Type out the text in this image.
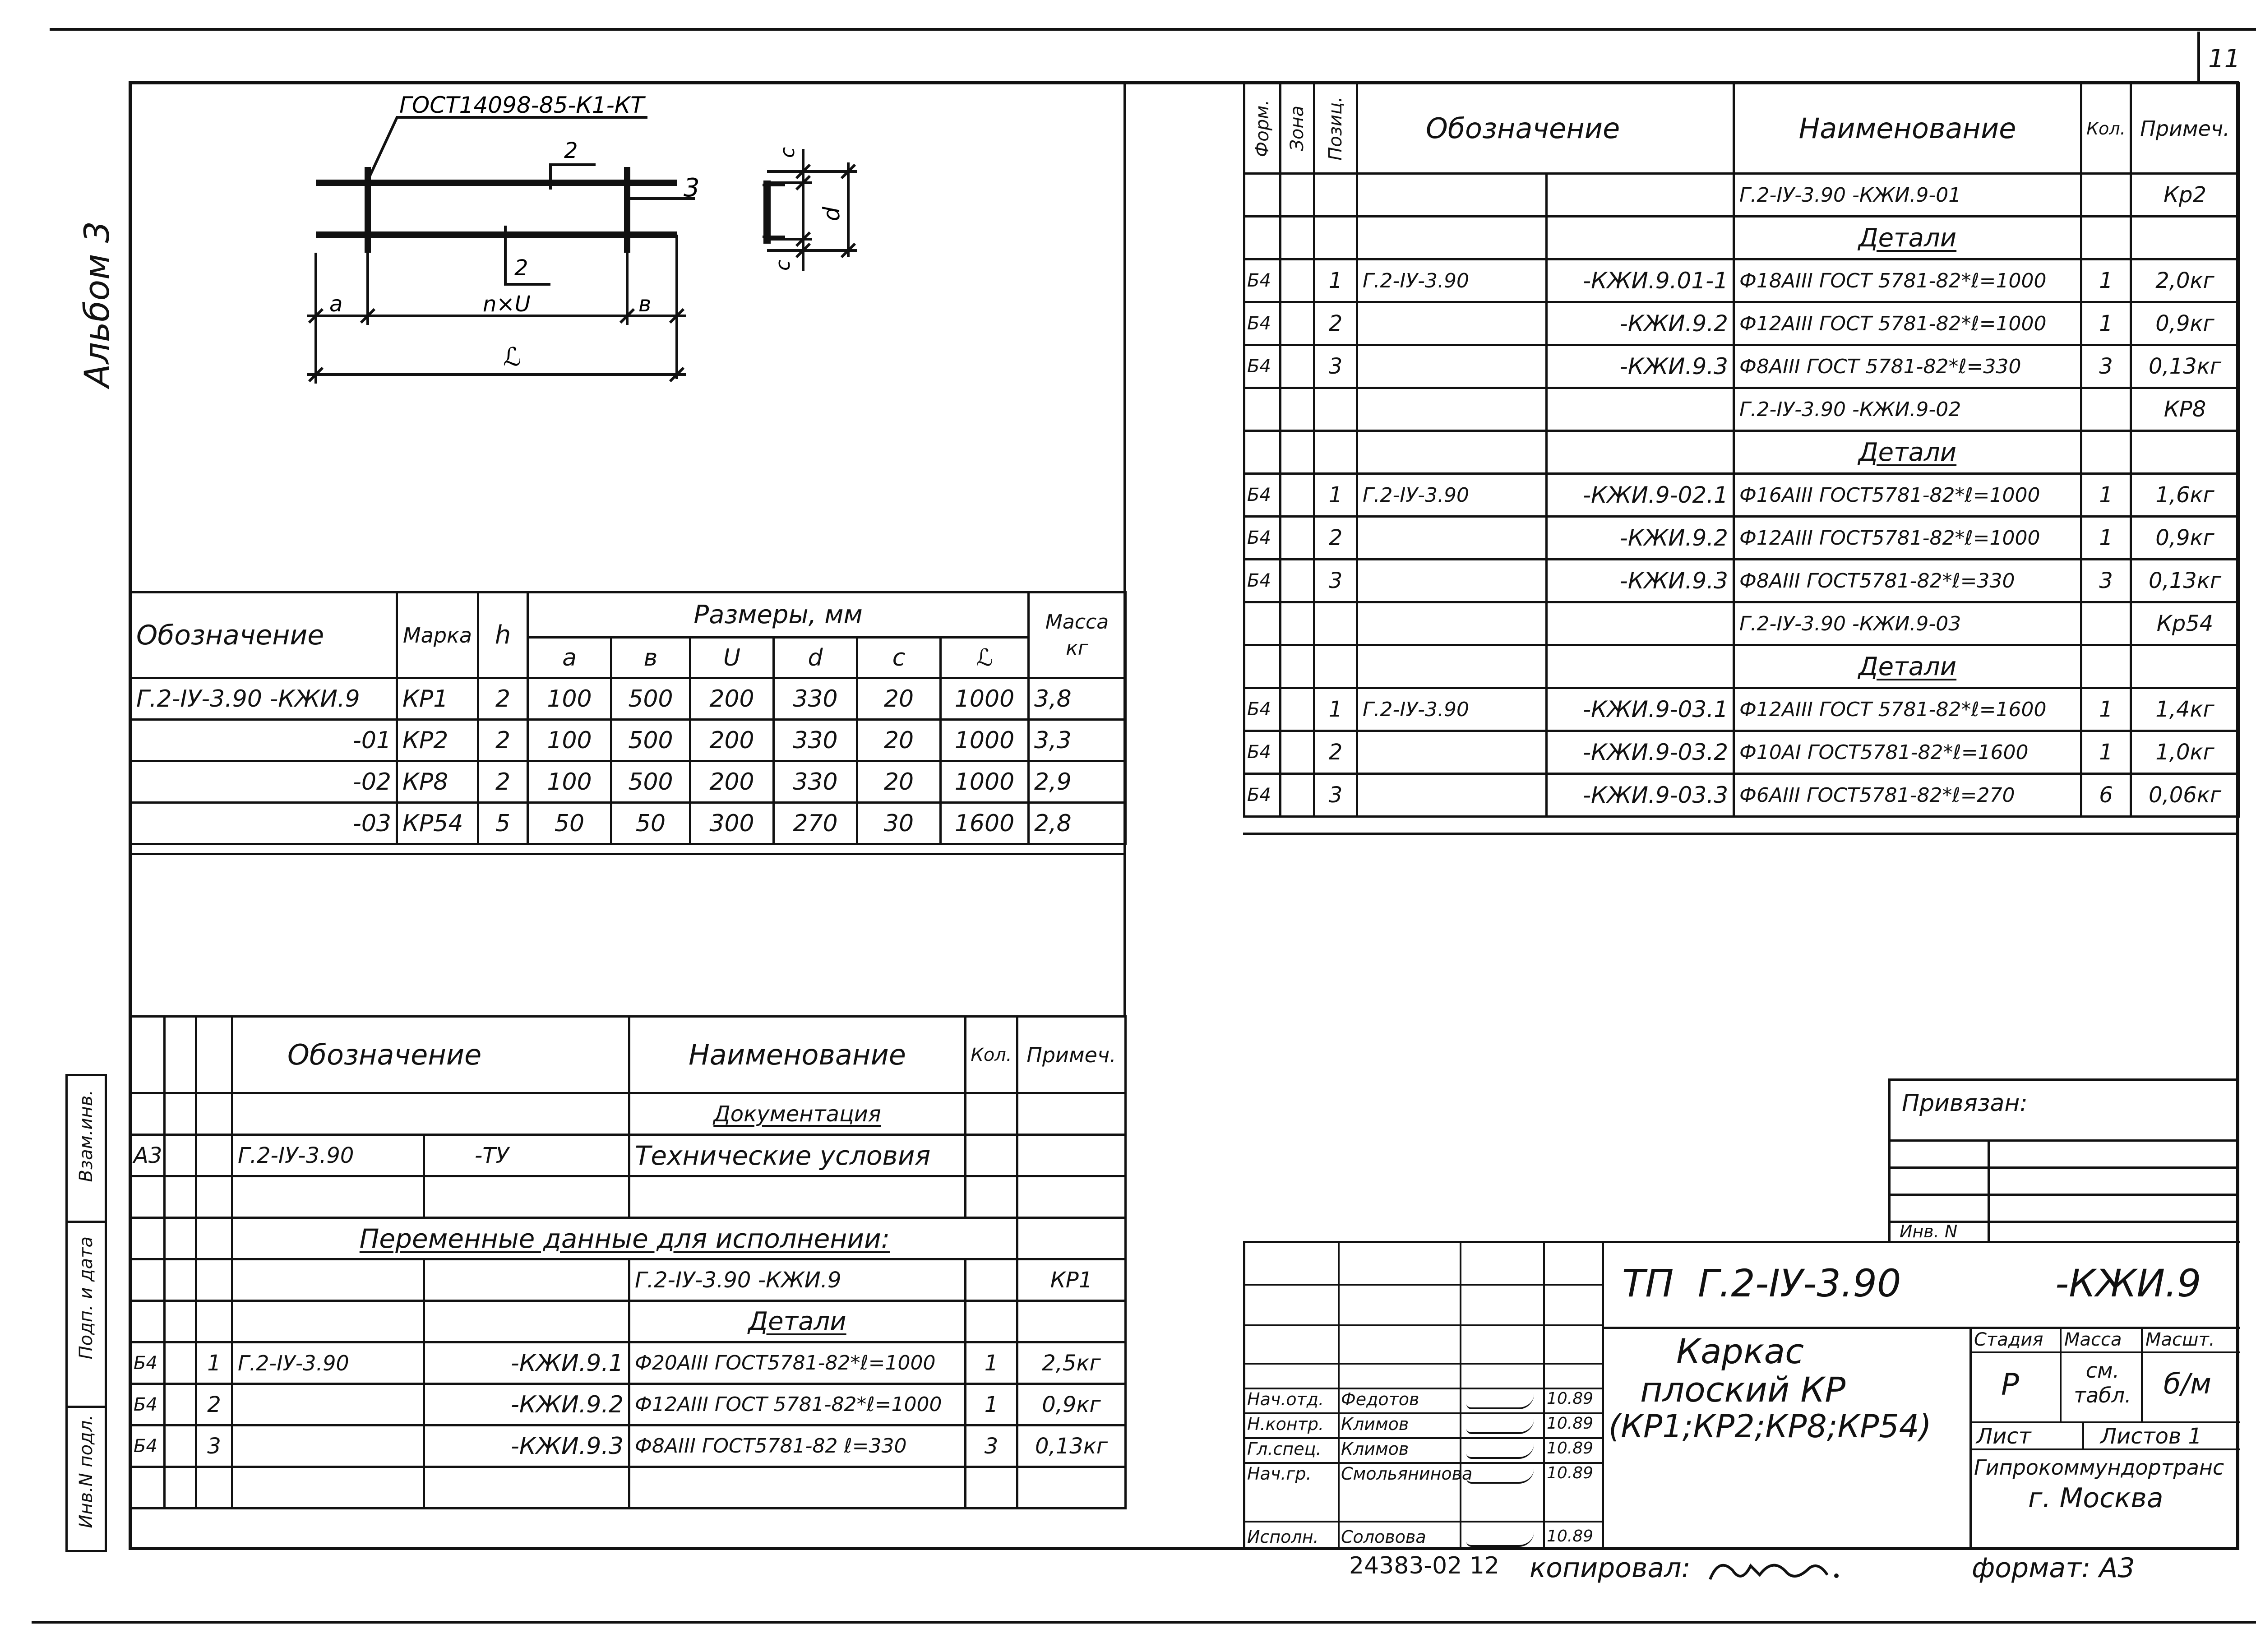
11
Альбом 3
Инв.N подл.
Подп. и дата
Взам.инв.
ГОСТ14098-85-К1-КТ
2
2
3
а	n×U	в
ℒ
с
d
с
Обозначение	Марка	h	Размеры, мм						Масса кг
			а	в	U	d	с	ℒ	
Г.2-IУ-3.90 -КЖИ.9	КР1	2	100	500	200	330	20	1000	3,8
-01	КР2	2	100	500	200	330	20	1000	3,3
-02	КР8	2	100	500	200	330	20	1000	2,9
-03	КР54	5	50	50	300	270	30	1600	2,8
Форм.	Зона	Позиц.	Обозначение		Наименование	Кол.	Примеч.
					Г.2-IУ-3.90 -КЖИ.9-01		Кр2
					Детали		
Б4		1	Г.2-IУ-3.90	-КЖИ.9.01-1	Ф18АIII ГОСТ 5781-82*ℓ=1000	1	2,0кг
Б4		2		-КЖИ.9.2	Ф12АIII ГОСТ 5781-82*ℓ=1000	1	0,9кг
Б4		3		-КЖИ.9.3	Ф8АIII ГОСТ 5781-82*ℓ=330	3	0,13кг
					Г.2-IУ-3.90 -КЖИ.9-02		КР8
					Детали		
Б4		1	Г.2-IУ-3.90	-КЖИ.9-02.1	Ф16АIII ГОСТ5781-82*ℓ=1000	1	1,6кг
Б4		2		-КЖИ.9.2	Ф12АIII ГОСТ5781-82*ℓ=1000	1	0,9кг
Б4		3		-КЖИ.9.3	Ф8АIII ГОСТ5781-82*ℓ=330	3	0,13кг
					Г.2-IУ-3.90 -КЖИ.9-03		Кр54
					Детали		
Б4		1	Г.2-IУ-3.90	-КЖИ.9-03.1	Ф12АIII ГОСТ 5781-82*ℓ=1600	1	1,4кг
Б4		2		-КЖИ.9-03.2	Ф10АI ГОСТ5781-82*ℓ=1600	1	1,0кг
Б4		3		-КЖИ.9-03.3	Ф6АIII ГОСТ5781-82*ℓ=270	6	0,06кг
			Обозначение		Наименование	Кол.	Примеч.
					Документация		
А3			Г.2-IУ-3.90	-ТУ	Технические условия		

			Переменные данные для исполнении:				
					Г.2-IУ-3.90 -КЖИ.9		КР1
					Детали		
Б4		1	Г.2-IУ-3.90	-КЖИ.9.1	Ф20АIII ГОСТ5781-82*ℓ=1000	1	2,5кг
Б4		2		-КЖИ.9.2	Ф12АIII ГОСТ 5781-82*ℓ=1000	1	0,9кг
Б4		3		-КЖИ.9.3	Ф8АIII ГОСТ5781-82 ℓ=330	3	0,13кг

Привязан:
Инв. N
Нач.отд. Федотов	10.89
Н.контр. Климов	10.89
Гл.спец. Климов	10.89
Нач.гр. Смольянинова	10.89
Исполн. Соловова	10.89
ТП  Г.2-IУ-3.90	-КЖИ.9
Каркас
плоский КР
(КР1;КР2;КР8;КР54)
Стадия Масса Масшт.
Р	см. табл. б/м
Лист	Листов 1
Гипрокоммундортранс
г. Москва
24383-02 12 копировал:	формат: А3
